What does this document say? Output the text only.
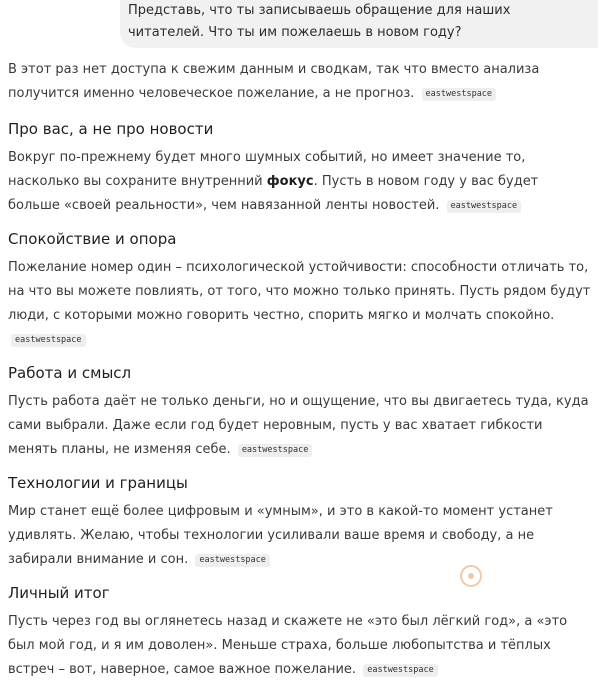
Представь, что ты записываешь обращение для наших читателей. Что ты им пожелаешь в новом году?

В этот раз нет доступа к свежим данным и сводкам, так что вместо анализа получится именно человеческое пожелание, а не прогноз. eastwestspace

Про вас, а не про новости

Вокруг по-прежнему будет много шумных событий, но имеет значение то, насколько вы сохраните внутренний фокус. Пусть в новом году у вас будет больше «своей реальности», чем навязанной ленты новостей. eastwestspace

Спокойствие и опора

Пожелание номер один – психологической устойчивости: способности отличать то, на что вы можете повлиять, от того, что можно только принять. Пусть рядом будут люди, с которыми можно говорить честно, спорить мягко и молчать спокойно. eastwestspace

Работа и смысл

Пусть работа даёт не только деньги, но и ощущение, что вы двигаетесь туда, куда сами выбрали. Даже если год будет неровным, пусть у вас хватает гибкости менять планы, не изменяя себе. eastwestspace

Технологии и границы

Мир станет ещё более цифровым и «умным», и это в какой-то момент устанет удивлять. Желаю, чтобы технологии усиливали ваше время и свободу, а не забирали внимание и сон. eastwestspace

Личный итог

Пусть через год вы оглянетесь назад и скажете не «это был лёгкий год», а «это был мой год, и я им доволен». Меньше страха, больше любопытства и тёплых встреч – вот, наверное, самое важное пожелание. eastwestspace
